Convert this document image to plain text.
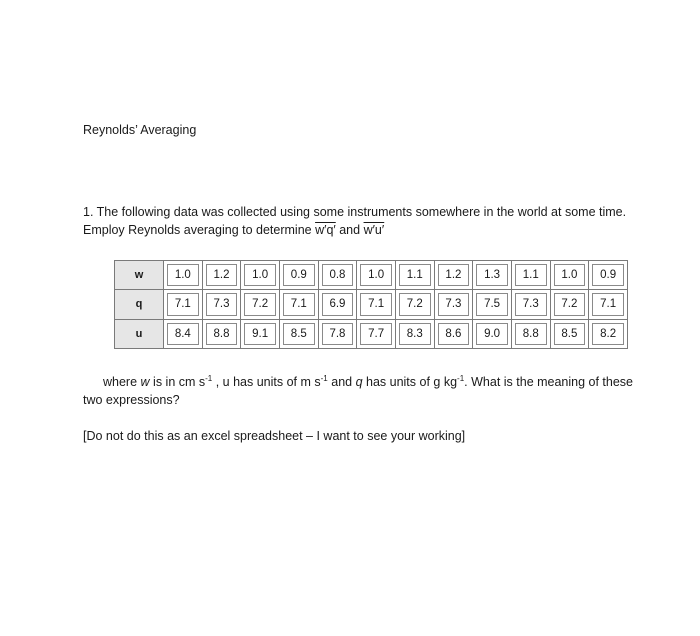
Reynolds’ Averaging
1. The following data was collected using some instruments somewhere in the world at some time. Employ Reynolds averaging to determine w′q′ and w′u′
w	1.0	1.2	1.0	0.9	0.8	1.0	1.1	1.2	1.3	1.1	1.0	0.9

q	7.1	7.3	7.2	7.1	6.9	7.1	7.2	7.3	7.5	7.3	7.2	7.1

u	8.4	8.8	9.1	8.5	7.8	7.7	8.3	8.6	9.0	8.8	8.5	8.2
where w is in cm $s^{-1}$ , u has units of m $s^{-1}$ and q has units of g $kg^{-1}$. What is the meaning of these two expressions?
[Do not do this as an excel spreadsheet – I want to see your working]
